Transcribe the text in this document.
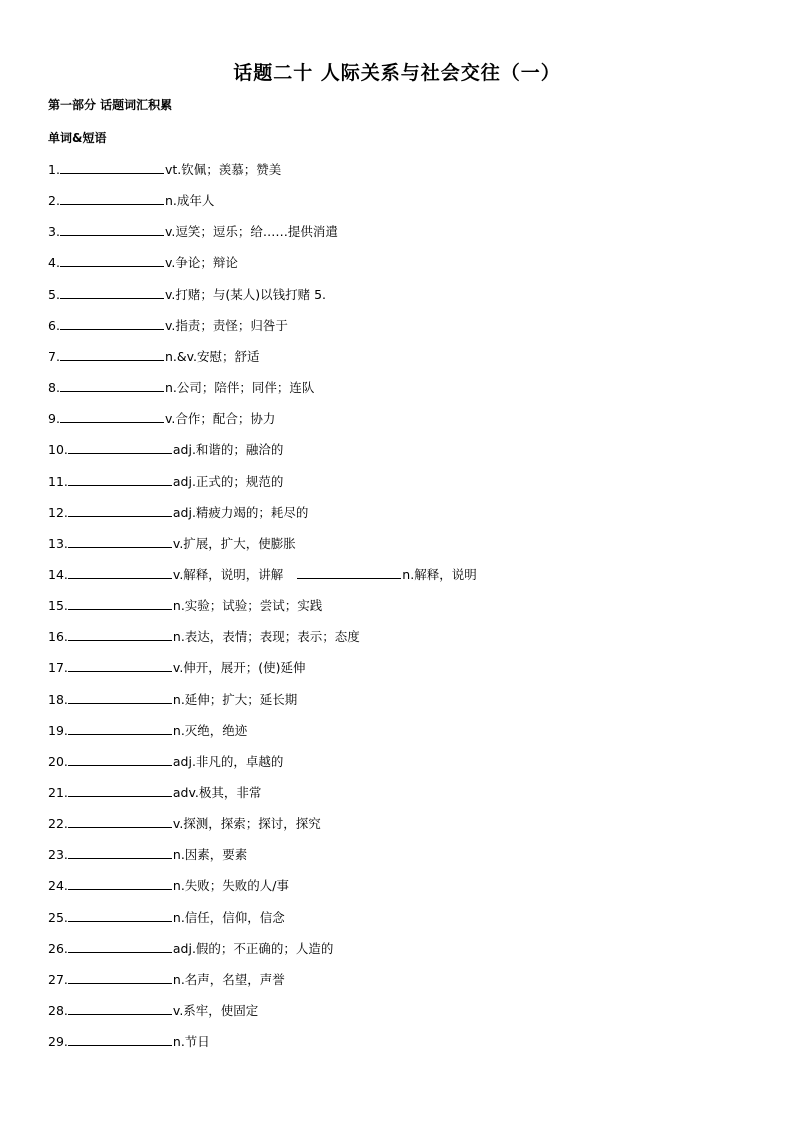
话题二十 人际关系与社会交往（一）
第一部分 话题词汇积累
单词&短语
1.	vt.钦佩；羡慕；赞美
2.	n.成年人
3.	v.逗笑；逗乐；给……提供消遣
4.	v.争论；辩论
5.	v.打赌；与(某人)以钱打赌 5.
6.	v.指责；责怪；归咎于
7.	n.&v.安慰；舒适
8.	n.公司；陪伴；同伴；连队
9.	v.合作；配合；协力
10.	adj.和谐的；融洽的
11.	adj.正式的；规范的
12.	adj.精疲力竭的；耗尽的
13.	v.扩展，扩大，使膨胀
14.	v.解释，说明，讲解	n.解释，说明
15.	n.实验；试验；尝试；实践
16.	n.表达，表情；表现；表示；态度
17.	v.伸开，展开；(使)延伸
18.	n.延伸；扩大；延长期
19.	n.灭绝，绝迹
20.	adj.非凡的，卓越的
21.	adv.极其，非常
22.	v.探测，探索；探讨，探究
23.	n.因素，要素
24.	n.失败；失败的人/事
25.	n.信任，信仰，信念
26.	adj.假的；不正确的；人造的
27.	n.名声，名望，声誉
28.	v.系牢，使固定
29.	n.节日
